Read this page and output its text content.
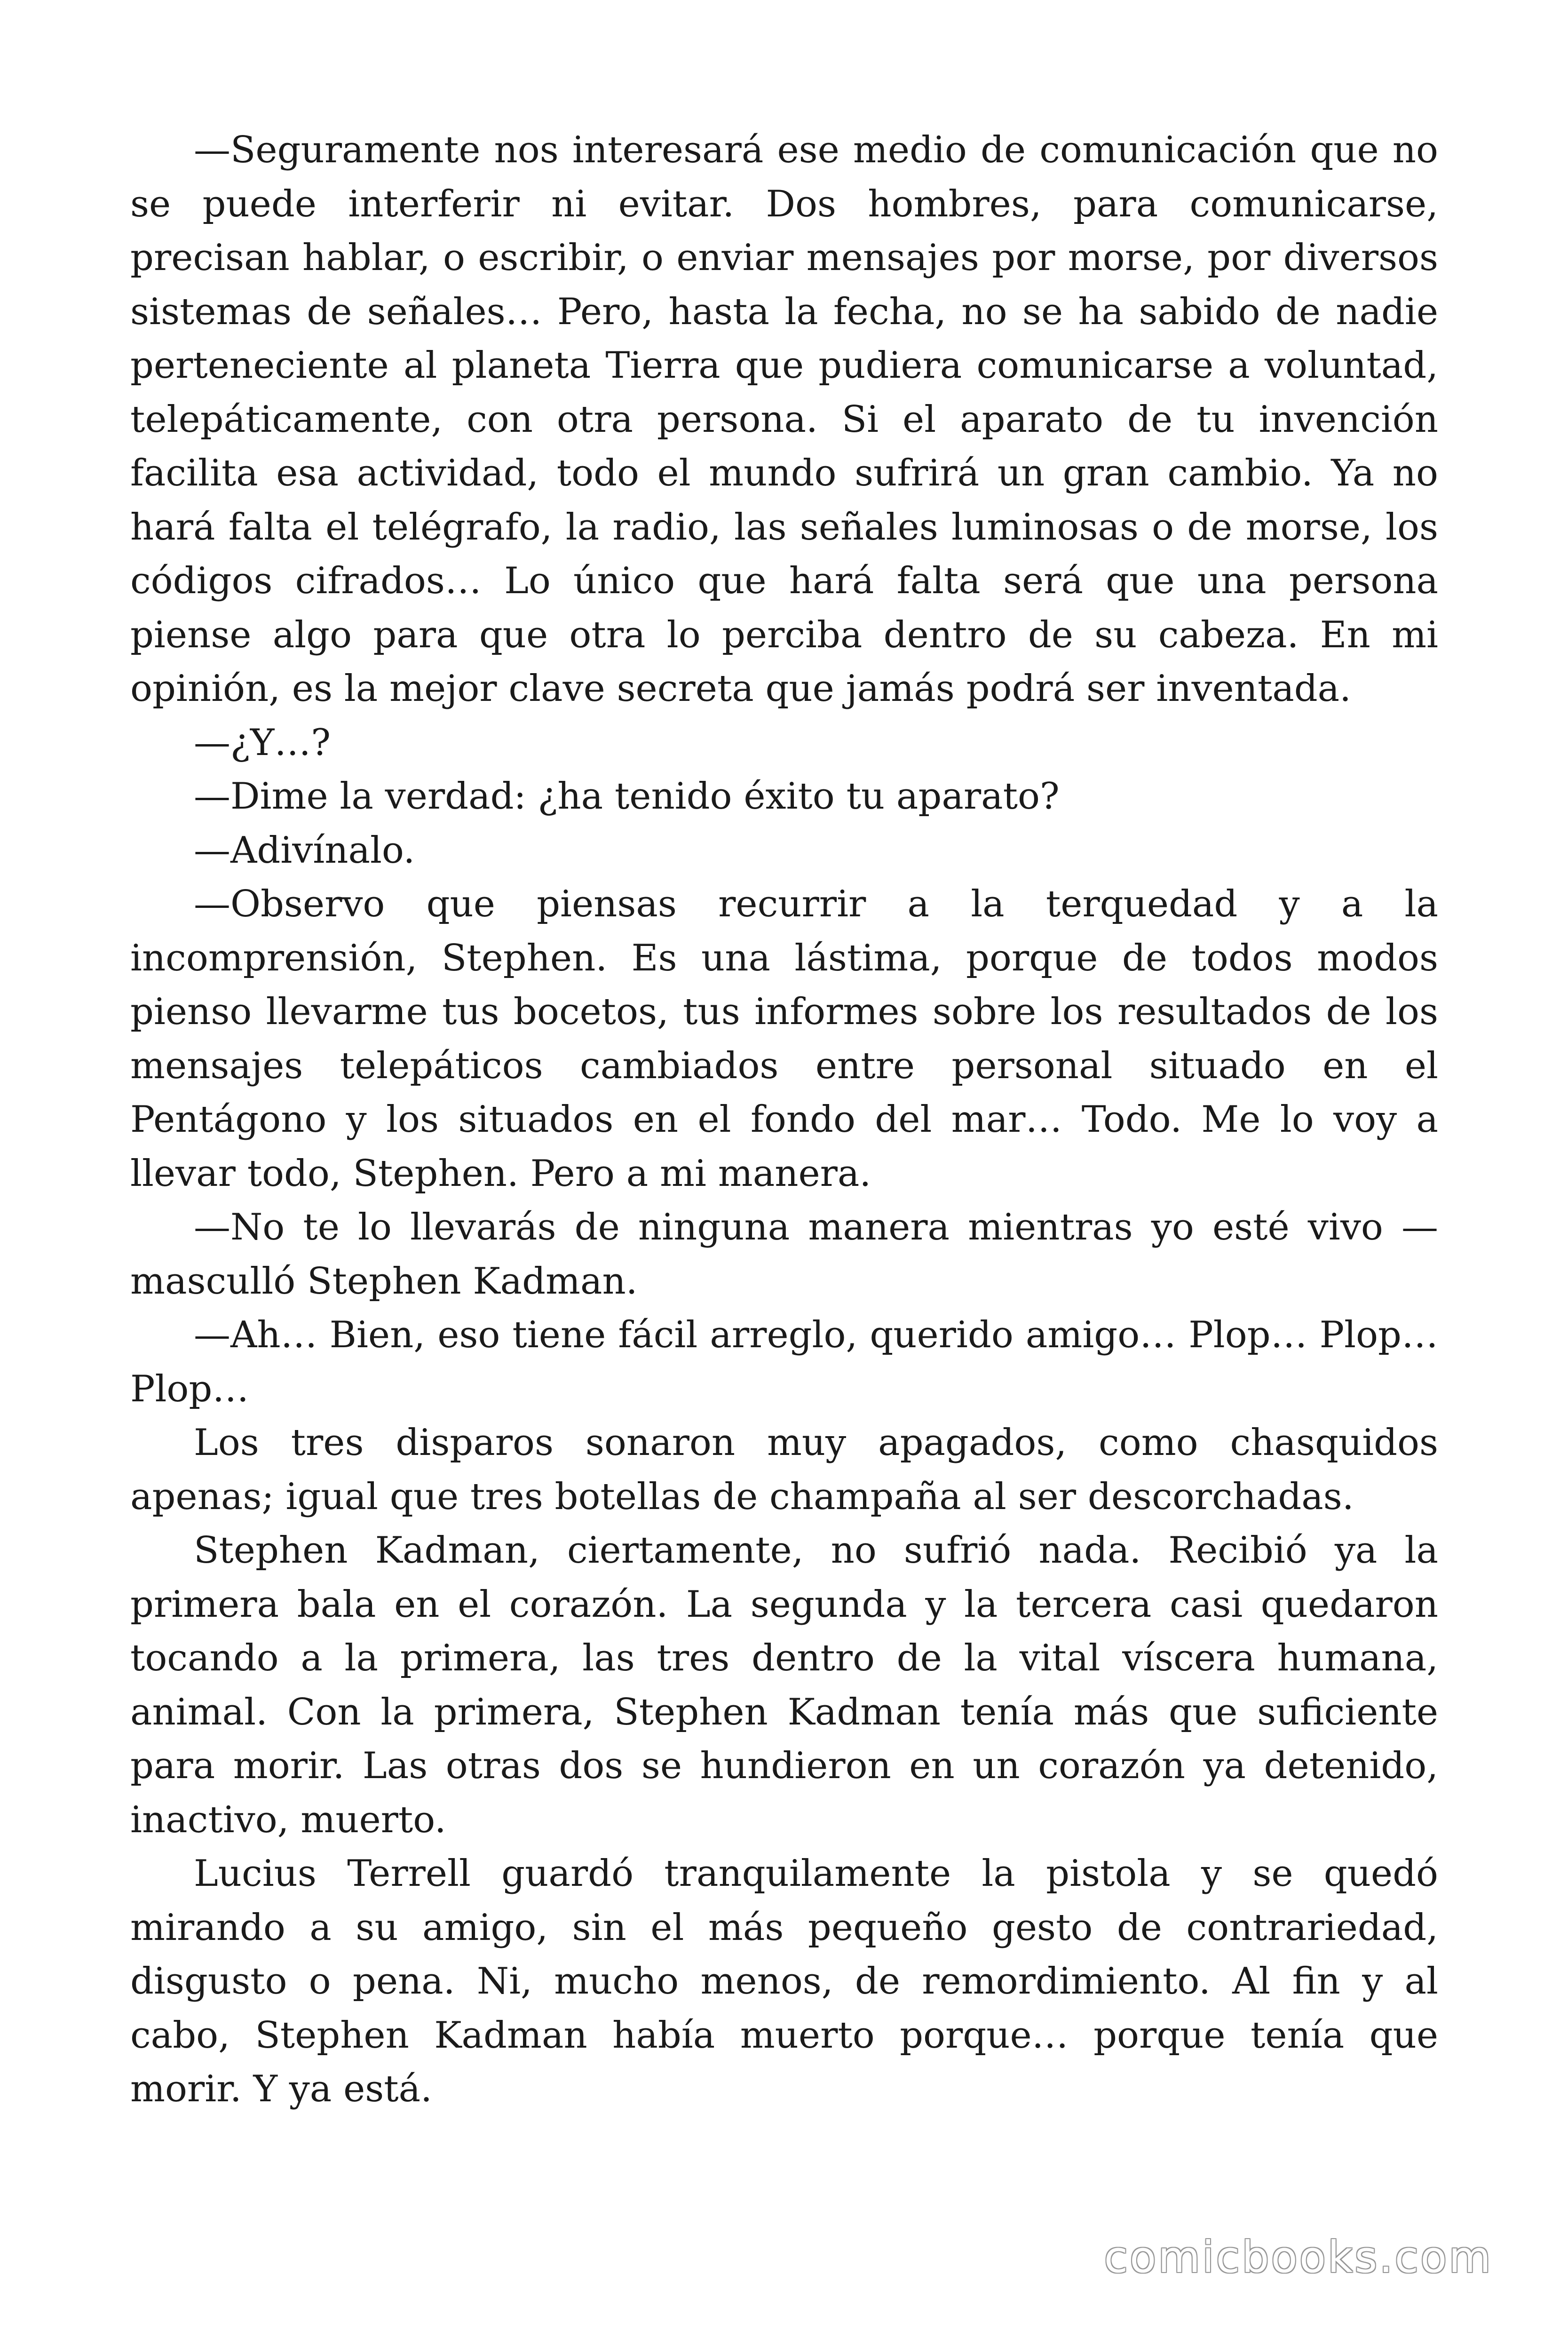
—Seguramente nos interesará ese medio de comunicación que no se puede interferir ni evitar. Dos hombres, para comunicarse, precisan hablar, o escribir, o enviar mensajes por morse, por diversos sistemas de señales… Pero, hasta la fecha, no se ha sabido de nadie perteneciente al planeta Tierra que pudiera comunicarse a voluntad, telepáticamente, con otra persona. Si el aparato de tu invención facilita esa actividad, todo el mundo sufrirá un gran cambio. Ya no hará falta el telégrafo, la radio, las señales luminosas o de morse, los códigos cifrados… Lo único que hará falta será que una persona piense algo para que otra lo perciba dentro de su cabeza. En mi opinión, es la mejor clave secreta que jamás podrá ser inventada.

—¿Y…?

—Dime la verdad: ¿ha tenido éxito tu aparato?

—Adivínalo.

—Observo que piensas recurrir a la terquedad y a la incomprensión, Stephen. Es una lástima, porque de todos modos pienso llevarme tus bocetos, tus informes sobre los resultados de los mensajes telepáticos cambiados entre personal situado en el Pentágono y los situados en el fondo del mar… Todo. Me lo voy a llevar todo, Stephen. Pero a mi manera.

—No te lo llevarás de ninguna manera mientras yo esté vivo —masculló Stephen Kadman.

—Ah… Bien, eso tiene fácil arreglo, querido amigo… Plop… Plop… Plop…

Los tres disparos sonaron muy apagados, como chasquidos apenas; igual que tres botellas de champaña al ser descorchadas.

Stephen Kadman, ciertamente, no sufrió nada. Recibió ya la primera bala en el corazón. La segunda y la tercera casi quedaron tocando a la primera, las tres dentro de la vital víscera humana, animal. Con la primera, Stephen Kadman tenía más que suficiente para morir. Las otras dos se hundieron en un corazón ya detenido, inactivo, muerto.

Lucius Terrell guardó tranquilamente la pistola y se quedó mirando a su amigo, sin el más pequeño gesto de contrariedad, disgusto o pena. Ni, mucho menos, de remordimiento. Al fin y al cabo, Stephen Kadman había muerto porque… porque tenía que morir. Y ya está.

comicbooks.com
